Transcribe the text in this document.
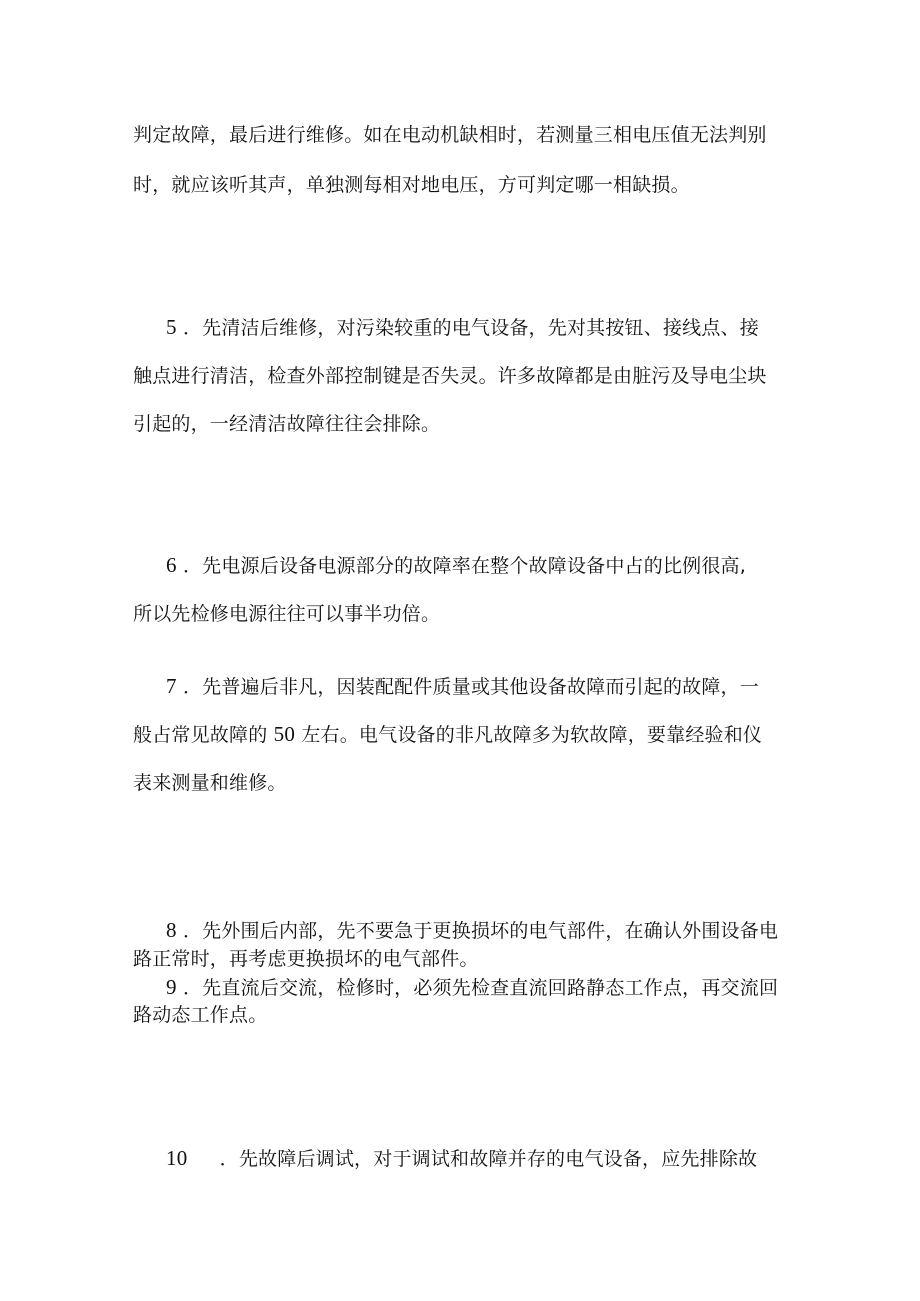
判定故障，最后进行维修。如在电动机缺相时，若测量三相电压值无法判别
时，就应该听其声，单独测每相对地电压，方可判定哪一相缺损。
5 ．先清洁后维修，对污染较重的电气设备，先对其按钮、接线点、接
触点进行清洁，检查外部控制键是否失灵。许多故障都是由脏污及导电尘块
引起的，一经清洁故障往往会排除。
6 ．先电源后设备电源部分的故障率在整个故障设备中占的比例很高,
所以先检修电源往往可以事半功倍。
7 ．先普遍后非凡，因装配配件质量或其他设备故障而引起的故障，一
般占常见故障的 50 左右。电气设备的非凡故障多为软故障，要靠经验和仪
表来测量和维修。
8 ．先外围后内部，先不要急于更换损坏的电气部件，在确认外围设备电
路正常时，再考虑更换损坏的电气部件。
9 ．先直流后交流，检修时，必须先检查直流回路静态工作点，再交流回
路动态工作点。
10 ．先故障后调试，对于调试和故障并存的电气设备，应先排除故
